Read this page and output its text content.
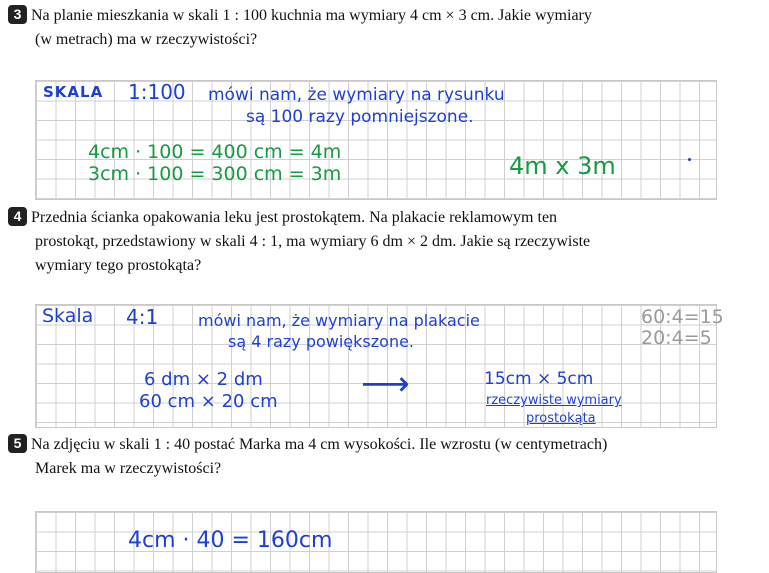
3 Na planie mieszkania w skali 1 : 100 kuchnia ma wymiary 4 cm × 3 cm. Jakie wymiary
(w metrach) ma w rzeczywistości?
SKALA 1:100 mówi nam, że wymiary na rysunku
są 100 razy pomniejszone.
4cm · 100 = 400 cm = 4m
3cm · 100 = 300 cm = 3m	4m x 3m
4 Przednia ścianka opakowania leku jest prostokątem. Na plakacie reklamowym ten
prostokąt, przedstawiony w skali 4 : 1, ma wymiary 6 dm × 2 dm. Jakie są rzeczywiste
wymiary tego prostokąta?
Skala 4:1 mówi nam, że wymiary na plakacie
są 4 razy powiększone.
6 dm × 2 dm
60 cm × 20 cm ⟶	15cm × 5cm
rzeczywiste wymiary
prostokąta
60:4=15
20:4=5
5 Na zdjęciu w skali 1 : 40 postać Marka ma 4 cm wysokości. Ile wzrostu (w centymetrach)
Marek ma w rzeczywistości?
4cm · 40 = 160cm
